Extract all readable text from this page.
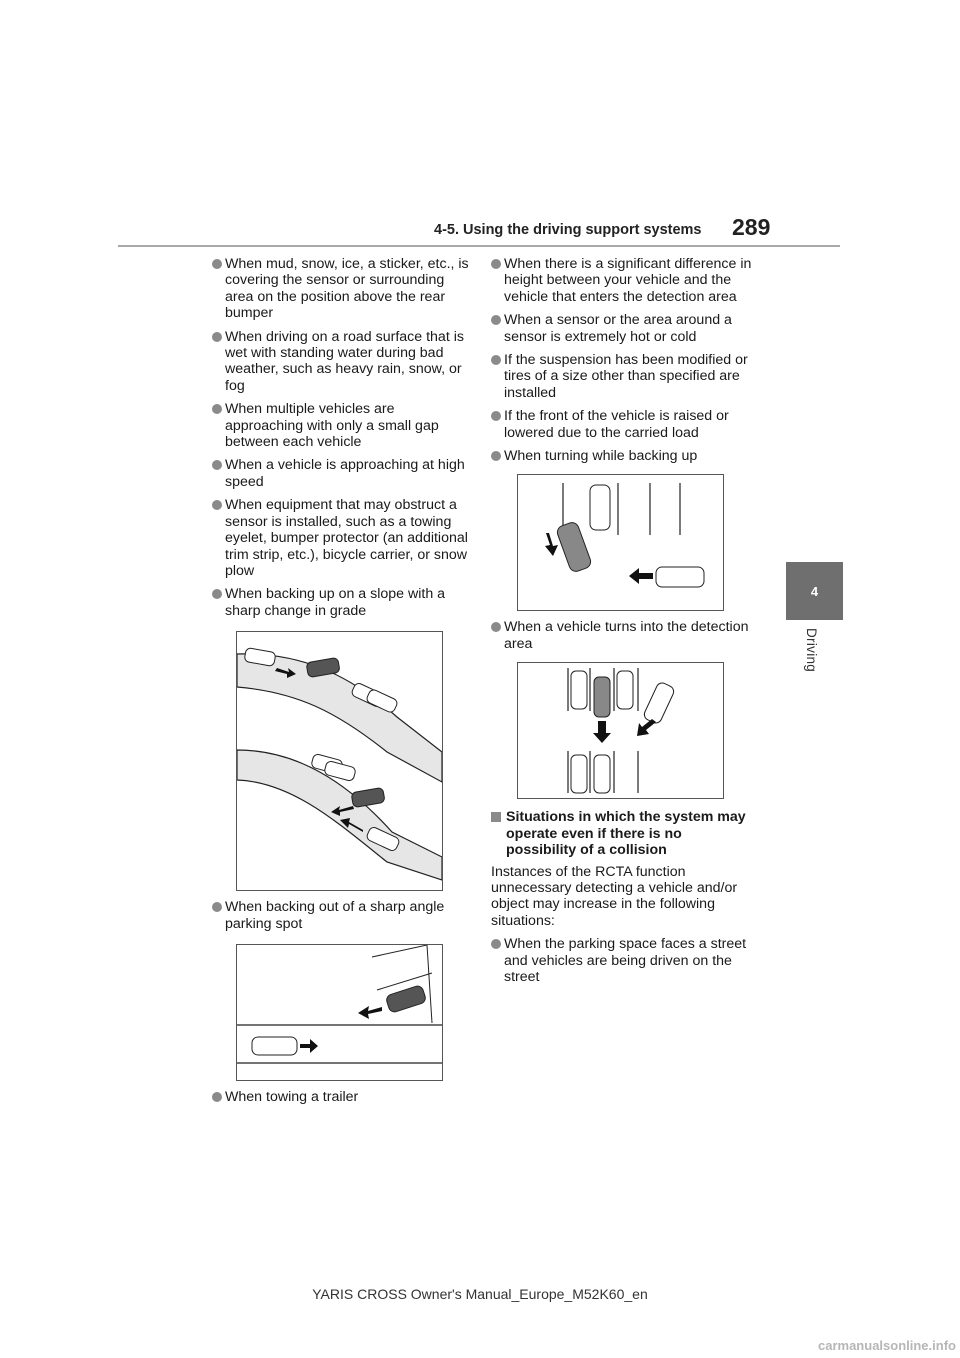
4-5. Using the driving support systems 289
4
Driving
When mud, snow, ice, a sticker, etc., is covering the sensor or surrounding area on the position above the rear bumper
When driving on a road surface that is wet with standing water during bad weather, such as heavy rain, snow, or fog
When multiple vehicles are approaching with only a small gap between each vehicle
When a vehicle is approaching at high speed
When equipment that may obstruct a sensor is installed, such as a towing eyelet, bumper protector (an additional trim strip, etc.), bicycle carrier, or snow plow
When backing up on a slope with a sharp change in grade
When backing out of a sharp angle parking spot
When towing a trailer
When there is a significant difference in height between your vehicle and the vehicle that enters the detection area
When a sensor or the area around a sensor is extremely hot or cold
If the suspension has been modified or tires of a size other than specified are installed
If the front of the vehicle is raised or lowered due to the carried load
When turning while backing up
When a vehicle turns into the detection area
Situations in which the system may operate even if there is no possibility of a collision
Instances of the RCTA function unnecessary detecting a vehicle and/or object may increase in the following situations:
When the parking space faces a street and vehicles are being driven on the street
YARIS CROSS Owner's Manual_Europe_M52K60_en
carmanualsonline.info
